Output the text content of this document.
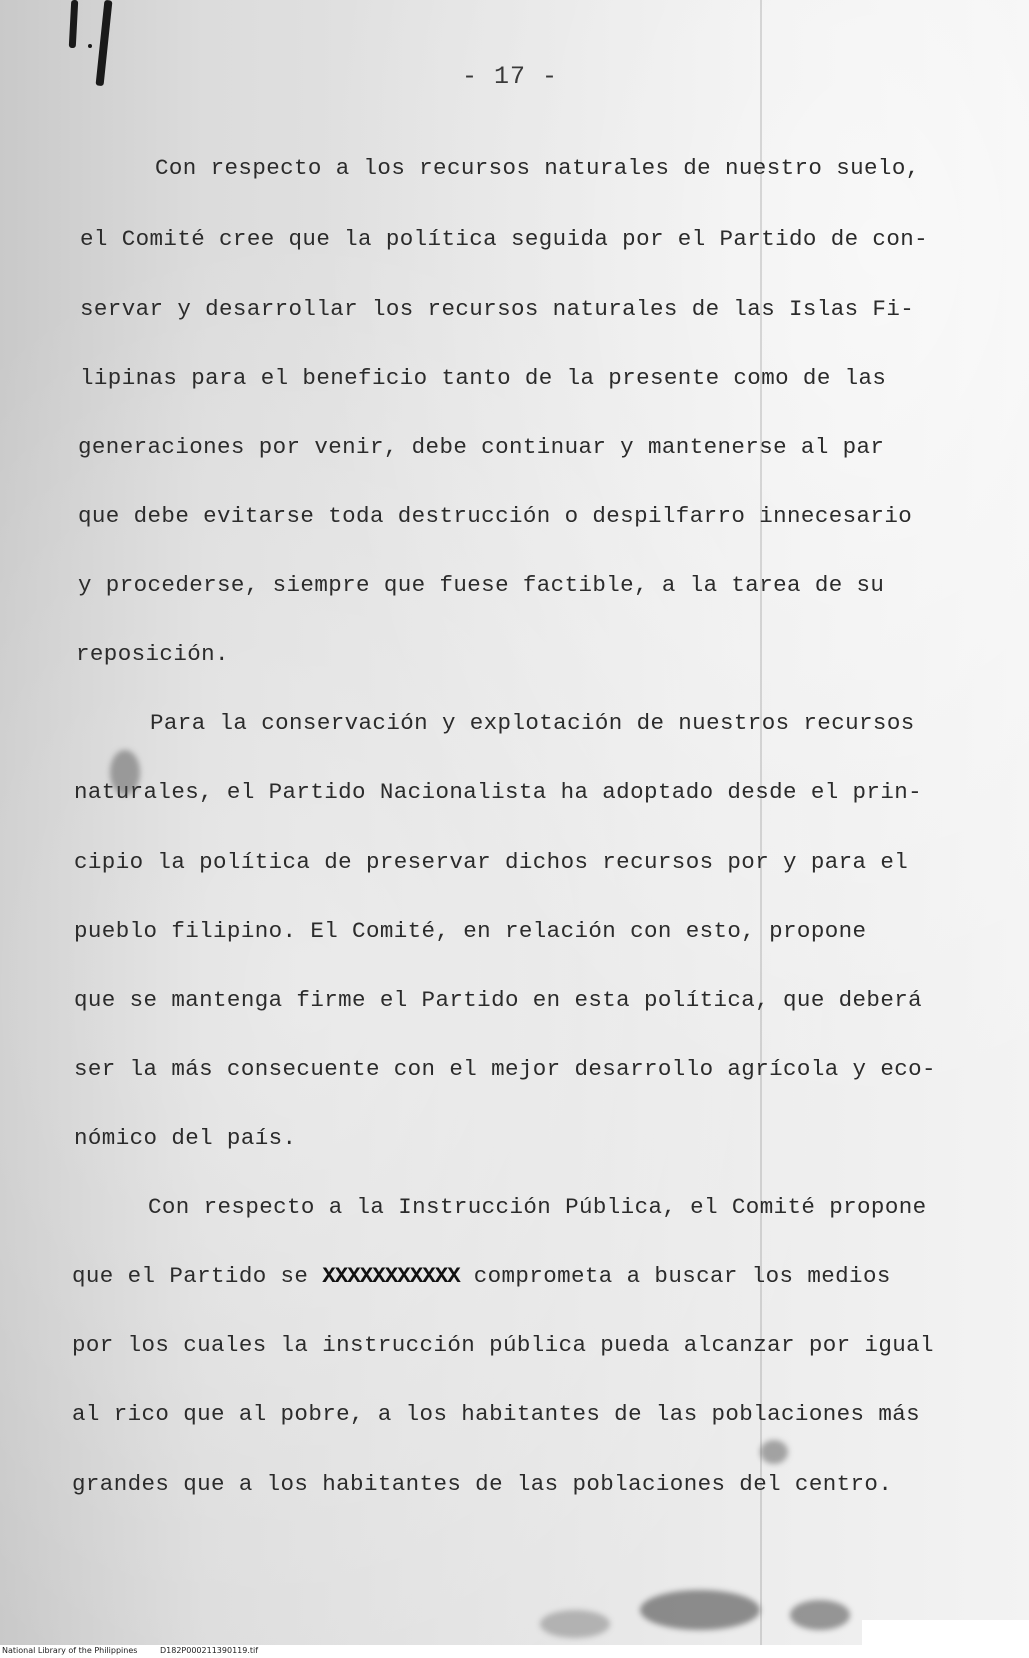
- 17 -
Con respecto a los recursos naturales de nuestro suelo,
el Comité cree que la política seguida por el Partido de con-
servar y desarrollar los recursos naturales de las Islas Fi-
lipinas para el beneficio tanto de la presente como de las
generaciones por venir, debe continuar y mantenerse al par
que debe evitarse toda destrucción o despilfarro innecesario
y procederse, siempre que fuese factible, a la tarea de su
reposición.
Para la conservación y explotación de nuestros recursos
naturales, el Partido Nacionalista ha adoptado desde el prin-
cipio la política de preservar dichos recursos por y para el
pueblo filipino. El Comité, en relación con esto, propone
que se mantenga firme el Partido en esta política, que deberá
ser la más consecuente con el mejor desarrollo agrícola y eco-
nómico del país.
Con respecto a la Instrucción Pública, el Comité propone
que el Partido se XXXXXXXXXXX comprometa a buscar los medios
por los cuales la instrucción pública pueda alcanzar por igual
al rico que al pobre, a los habitantes de las poblaciones más
grandes que a los habitantes de las poblaciones del centro.
National Library of the Philippines	D182P000211390119.tif
